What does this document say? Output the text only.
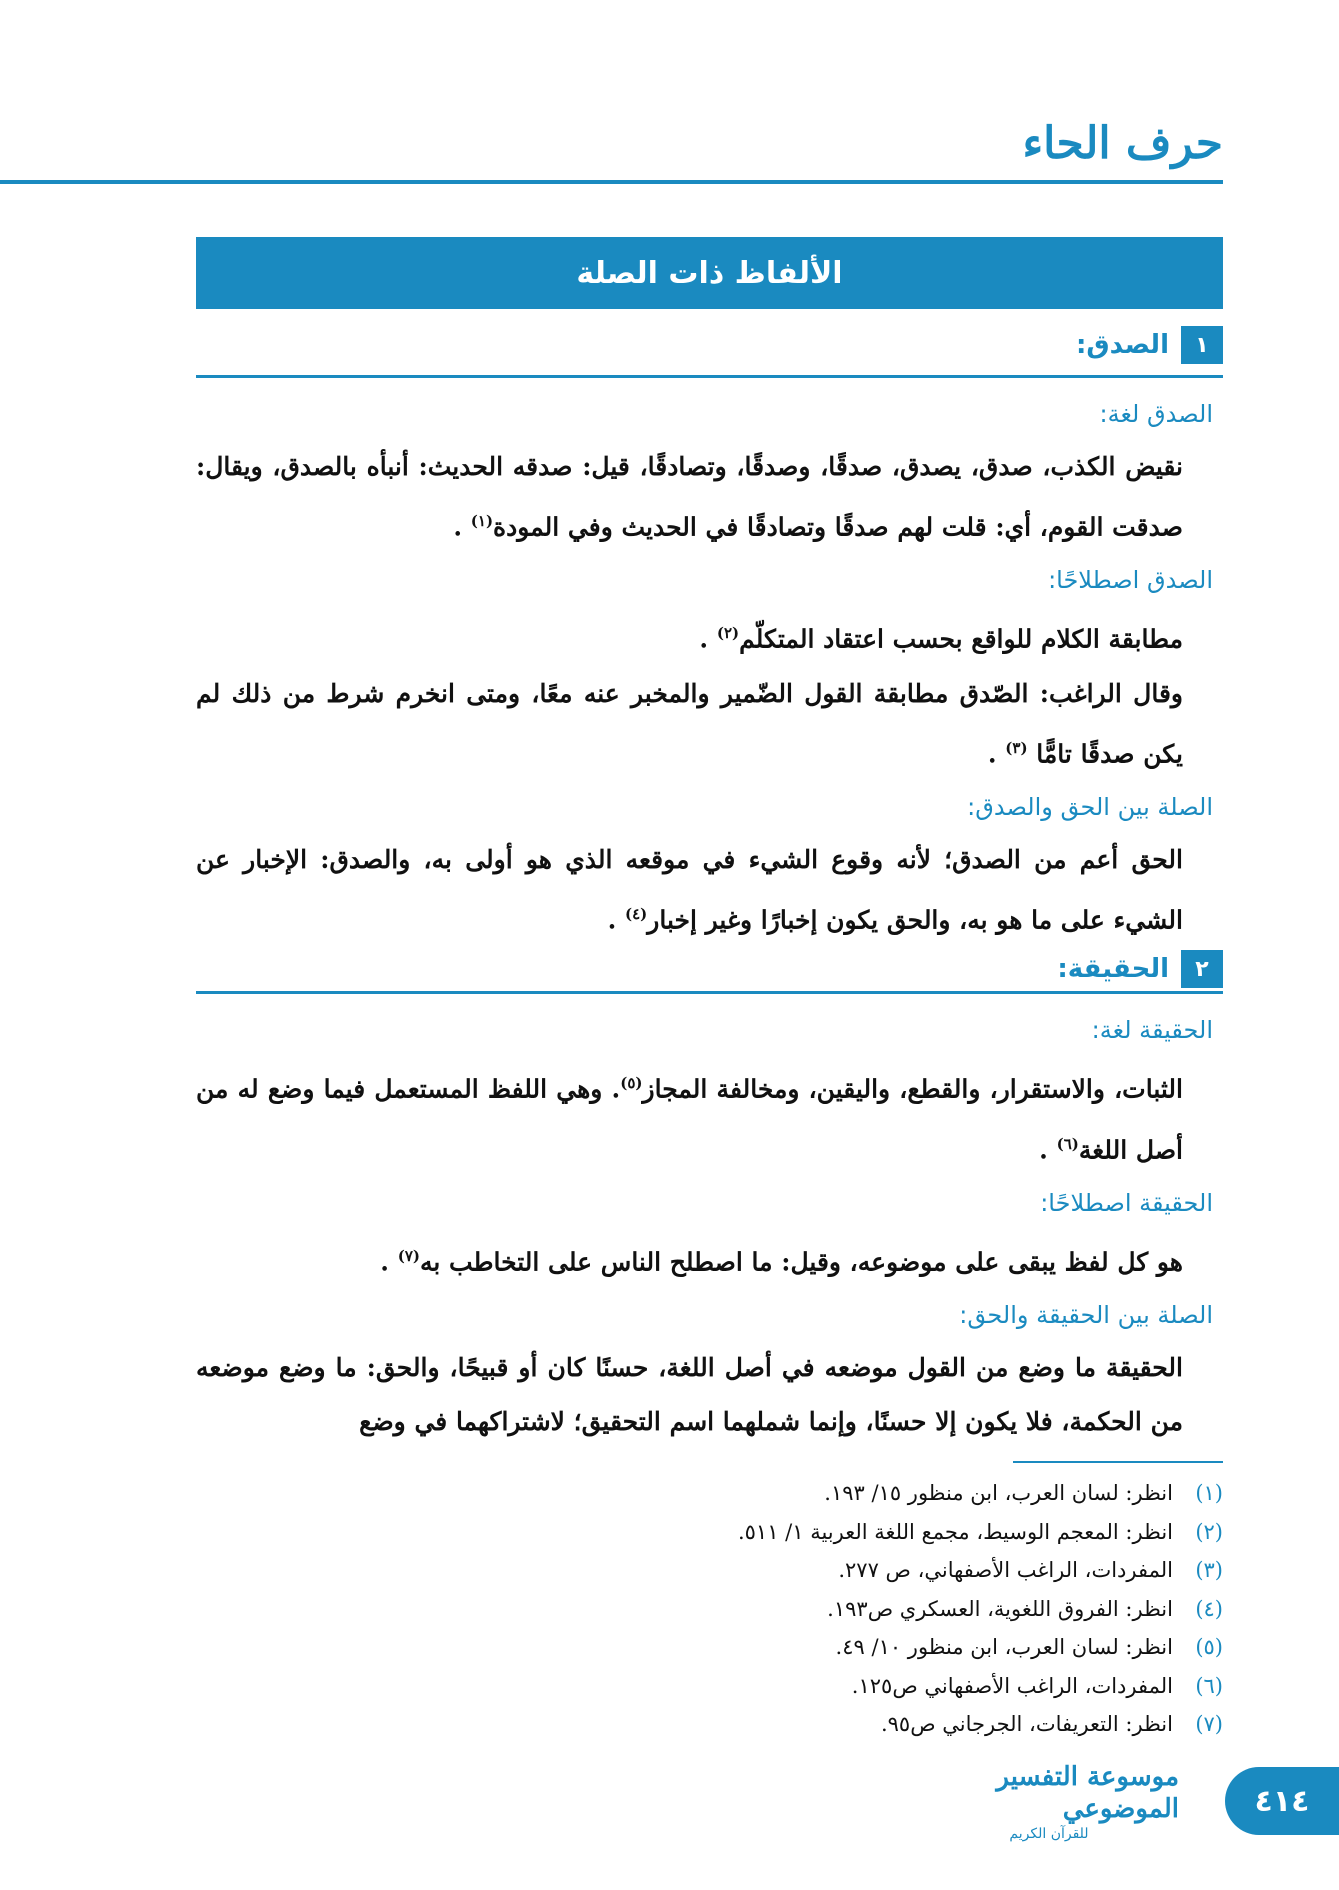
حرف الحاء
الألفاظ ذات الصلة
١
الصدق:
الصدق لغة:

نقيض الكذب، صدق، يصدق، صدقًا، وصدقًا، وتصادقًا، قيل: صدقه الحديث: أنبأه بالصدق، ويقال: صدقت القوم، أي: قلت لهم صدقًا وتصادقًا في الحديث وفي المودة$^{(١)}$ .

الصدق اصطلاحًا:

مطابقة الكلام للواقع بحسب اعتقاد المتكلّم$^{(٢)}$ .

وقال الراغب: الصّدق مطابقة القول الضّمير والمخبر عنه معًا، ومتى انخرم شرط من ذلك لم يكن صدقًا تامًّا $^{(٣)}$ .

الصلة بين الحق والصدق:

الحق أعم من الصدق؛ لأنه وقوع الشيء في موقعه الذي هو أولى به، والصدق: الإخبار عن الشيء على ما هو به، والحق يكون إخبارًا وغير إخبار$^{(٤)}$ .

٢
الحقيقة:
الحقيقة لغة:

الثبات، والاستقرار، والقطع، واليقين، ومخالفة المجاز$^{(٥)}$. وهي اللفظ المستعمل فيما وضع له من أصل اللغة$^{(٦)}$ .

الحقيقة اصطلاحًا:

هو كل لفظ يبقى على موضوعه، وقيل: ما اصطلح الناس على التخاطب به$^{(٧)}$ .

الصلة بين الحقيقة والحق:

الحقيقة ما وضع من القول موضعه في أصل اللغة، حسنًا كان أو قبيحًا، والحق: ما وضع موضعه من الحكمة، فلا يكون إلا حسنًا، وإنما شملهما اسم التحقيق؛ لاشتراكهما في وضع

(١)
انظر: لسان العرب، ابن منظور ١٥/ ١٩٣.
(٢)
انظر: المعجم الوسيط، مجمع اللغة العربية ١/ ٥١١.
(٣)
المفردات، الراغب الأصفهاني، ص ٢٧٧.
(٤)
انظر: الفروق اللغوية، العسكري ص١٩٣.
(٥)
انظر: لسان العرب، ابن منظور ١٠/ ٤٩.
(٦)
المفردات، الراغب الأصفهاني ص١٢٥.
(٧)
انظر: التعريفات، الجرجاني ص٩٥.
موسوعة التفسير الموضوعي
للقرآن الكريم
٤١٤
